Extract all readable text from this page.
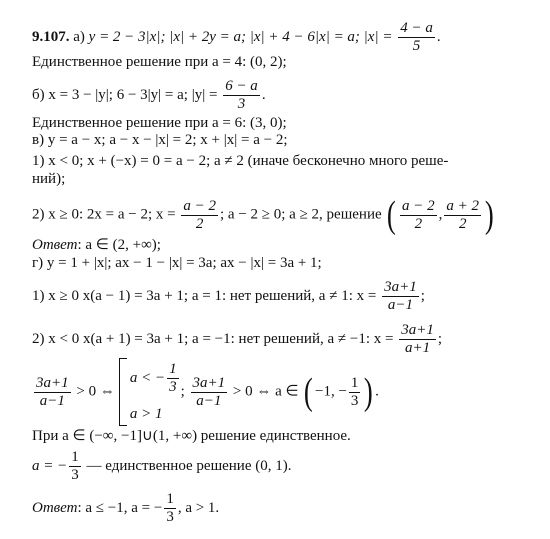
9.107. а) y = 2 − 3|x|; |x| + 2y = a; |x| + 4 − 6|x| = a; $|x| = \frac{4 - a}{5}$ .
Единственное решение при a = 4: (0, 2);
б) x = 3 − |y|; 6 − 3|y| = a; $|y| = \frac{6 - a}{3}$ .
Единственное решение при a = 6: (3, 0);
в) y = a − x; a − x − |x| = 2; x + |x| = a − 2;
1) x < 0; x + (−x) = 0 = a − 2; a ≠ 2 (иначе бесконечно много реше-
ний);
2) x ≥ 0: 2x = a − 2; $x = \frac{a - 2}{2}$ ; a − 2 ≥ 0; a ≥ 2, решение ( $\frac{a - 2}{2}$ , $\frac{a + 2}{2}$ )
Ответ: a ∈ (2, +∞);
г) y = 1 + |x|; ax − 1 − |x| = 3a; ax − |x| = 3a + 1;
1) x ≥ 0 x(a − 1) = 3a + 1; a = 1: нет решений, a ≠ 1: $x = \frac{3a+1}{a-1}$ ;
2) x < 0 x(a + 1) = 3a + 1; a = −1: нет решений, a ≠ −1: $x = \frac{3a+1}{a+1}$ ;
$\frac{3a+1}{a-1} > 0$ ⇔
a < − $\frac{1}{3}$
a > 1
; $\frac{3a+1}{a-1} > 0$ ⇔ a ∈ ( −1, − $\frac{1}{3}$ ) .
При a ∈ (−∞, −1]∪(1, +∞) решение единственное.
a = − $\frac{1}{3}$ — единственное решение (0, 1).
Ответ: a ≤ −1, a = − $\frac{1}{3}$ , a > 1.
